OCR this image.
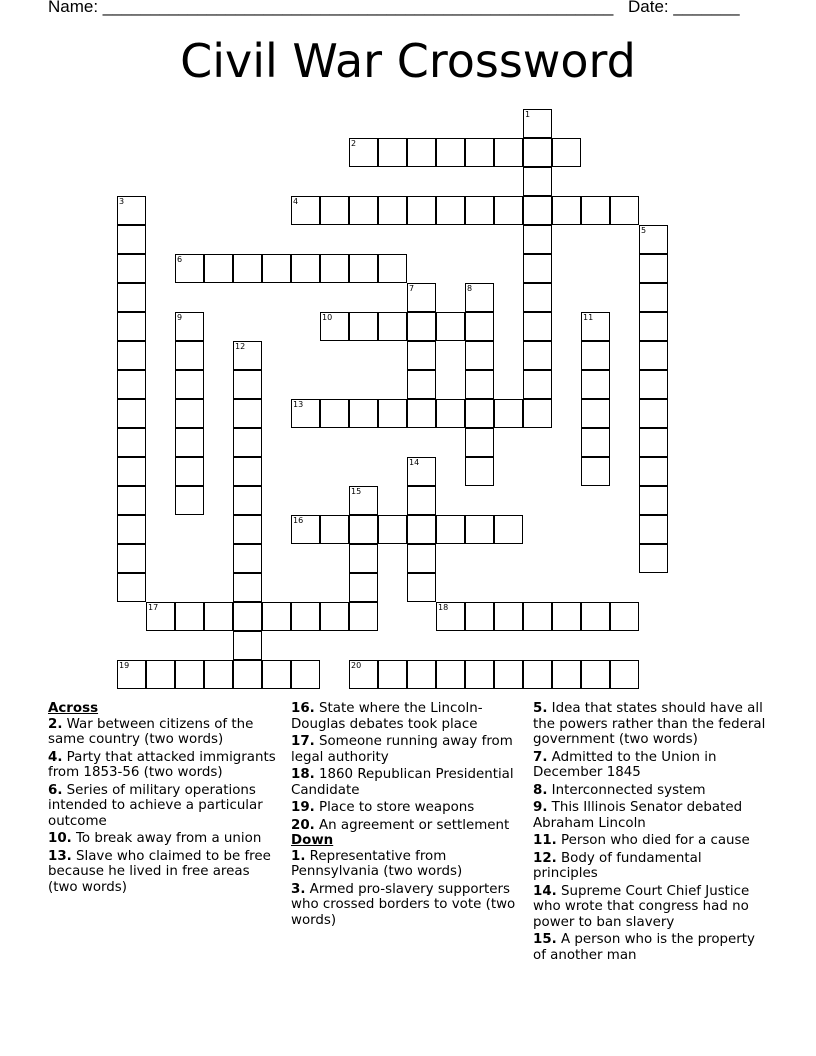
Name: ______________________________________________________ Date: _______
Civil War Crossword
1
2
3	4
5
6
7	8
9	10	11
12
13
14
15
16
17	18
19	20
Across
2. War between citizens of the same country (two words)
4. Party that attacked immigrants from 1853-56 (two words)
6. Series of military operations intended to achieve a particular outcome
10. To break away from a union
13. Slave who claimed to be free because he lived in free areas (two words)
16. State where the Lincoln-Douglas debates took place
17. Someone running away from legal authority
18. 1860 Republican Presidential Candidate
19. Place to store weapons
20. An agreement or settlement
Down
1. Representative from Pennsylvania (two words)
3. Armed pro-slavery supporters who crossed borders to vote (two words)
5. Idea that states should have all the powers rather than the federal government (two words)
7. Admitted to the Union in December 1845
8. Interconnected system
9. This Illinois Senator debated Abraham Lincoln
11. Person who died for a cause
12. Body of fundamental principles
14. Supreme Court Chief Justice who wrote that congress had no power to ban slavery
15. A person who is the property of another man
